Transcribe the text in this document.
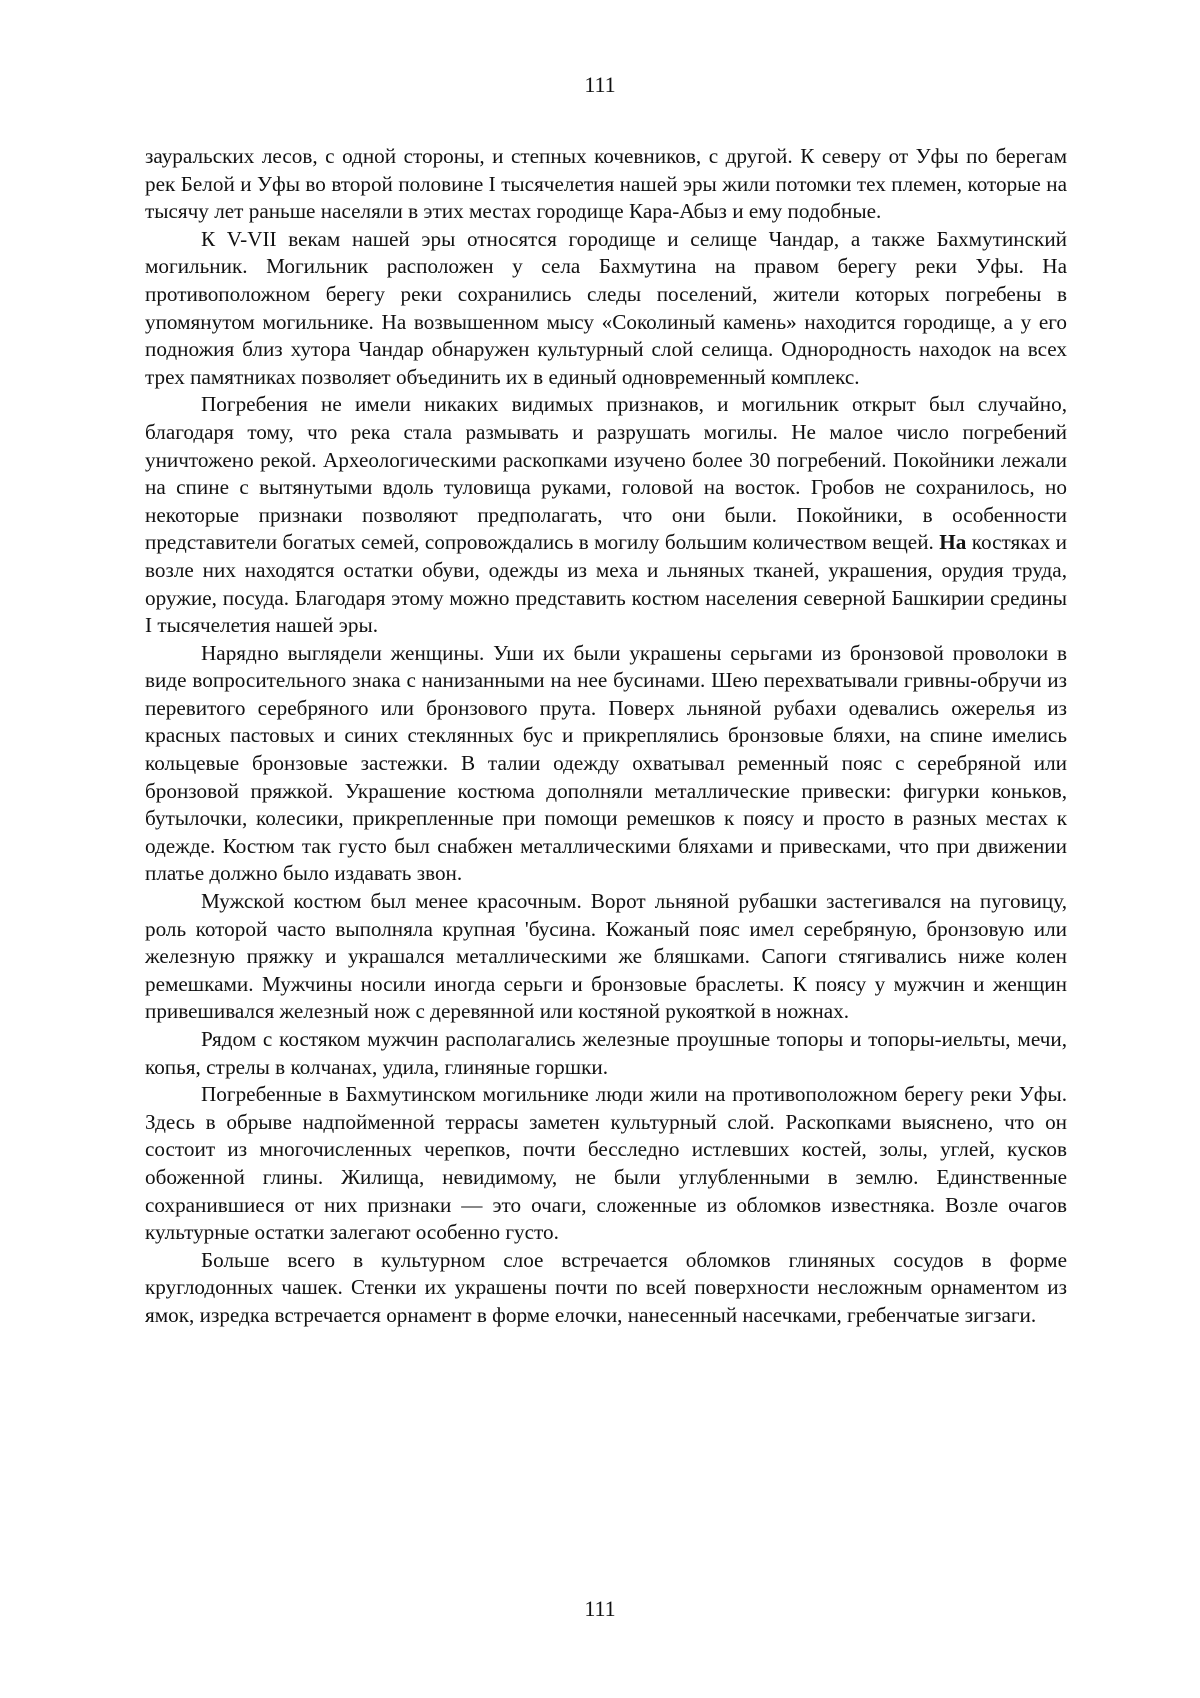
111

зауральских лесов, с одной стороны, и степных кочевников, с другой. К северу от Уфы по берегам рек Белой и Уфы во второй половине I тысячелетия нашей эры жили потомки тех племен, которые на тысячу лет раньше населяли в этих местах городище Кара-Абыз и ему подобные.

К V-VII векам нашей эры относятся городище и селище Чандар, а также Бахмутинский могильник. Могильник расположен у села Бахмутина на правом берегу реки Уфы. На противоположном берегу реки сохранились следы поселений, жители которых погребены в упомянутом могильнике. На возвышенном мысу «Соколиный камень» находится городище, а у его подножия близ хутора Чандар обнаружен культурный слой селища. Однородность находок на всех трех памятниках позволяет объединить их в единый одновременный комплекс.

Погребения не имели никаких видимых признаков, и могильник открыт был случайно, благодаря тому, что река стала размывать и разрушать могилы. Не малое число погребений уничтожено рекой. Археологическими раскопками изучено более 30 погребений. Покойники лежали на спине с вытянутыми вдоль туловища руками, головой на восток. Гробов не сохранилось, но некоторые признаки позволяют предполагать, что они были. Покойники, в особенности представители богатых семей, сопровождались в могилу большим количеством вещей. На костяках и возле них находятся остатки обуви, одежды из меха и льняных тканей, украшения, орудия труда, оружие, посуда. Благодаря этому можно представить костюм населения северной Башкирии средины I тысячелетия нашей эры.

Нарядно выглядели женщины. Уши их были украшены серьгами из бронзовой проволоки в виде вопросительного знака с нанизанными на нее бусинами. Шею перехватывали гривны-обручи из перевитого серебряного или бронзового прута. Поверх льняной рубахи одевались ожерелья из красных пастовых и синих стеклянных бус и прикреплялись бронзовые бляхи, на спине имелись кольцевые бронзовые застежки. В талии одежду охватывал ременный пояс с серебряной или бронзовой пряжкой. Украшение костюма дополняли металлические привески: фигурки коньков, бутылочки, колесики, прикрепленные при помощи ремешков к поясу и просто в разных местах к одежде. Костюм так густо был снабжен металлическими бляхами и привесками, что при движении платье должно было издавать звон.

Мужской костюм был менее красочным. Ворот льняной рубашки застегивался на пуговицу, роль которой часто выполняла крупная 'бусина. Кожаный пояс имел серебряную, бронзовую или железную пряжку и украшался металлическими же бляшками. Сапоги стягивались ниже колен ремешками. Мужчины носили иногда серьги и бронзовые браслеты. К поясу у мужчин и женщин привешивался железный нож с деревянной или костяной рукояткой в ножнах.

Рядом с костяком мужчин располагались железные проушные топоры и топоры-иельты, мечи, копья, стрелы в колчанах, удила, глиняные горшки.

Погребенные в Бахмутинском могильнике люди жили на противоположном берегу реки Уфы. Здесь в обрыве надпойменной террасы заметен культурный слой. Раскопками выяснено, что он состоит из многочисленных черепков, почти бесследно истлевших костей, золы, углей, кусков обоженной глины. Жилища, невидимому, не были углубленными в землю. Единственные сохранившиеся от них признаки — это очаги, сложенные из обломков известняка. Возле очагов культурные остатки залегают особенно густо.

Больше всего в культурном слое встречается обломков глиняных сосудов в форме круглодонных чашек. Стенки их украшены почти по всей поверхности несложным орнаментом из ямок, изредка встречается орнамент в форме елочки, нанесенный насечками, гребенчатые зигзаги.

111
